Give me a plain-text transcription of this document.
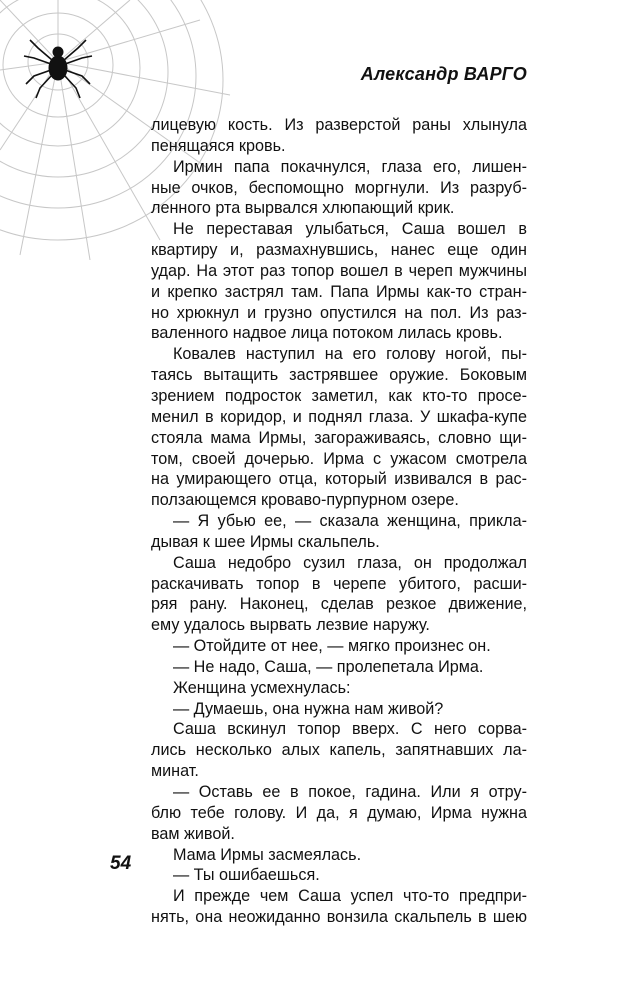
Александр ВАРГО
лицевую кость. Из разверстой раны хлынула
пенящаяся кровь.
Ирмин папа покачнулся, глаза его, лишен-
ные очков, беспомощно моргнули. Из разруб-
ленного рта вырвался хлюпающий крик.
Не переставая улыбаться, Саша вошел в
квартиру и, размахнувшись, нанес еще один
удар. На этот раз топор вошел в череп мужчины
и крепко застрял там. Папа Ирмы как-то стран-
но хрюкнул и грузно опустился на пол. Из раз-
валенного надвое лица потоком лилась кровь.
Ковалев наступил на его голову ногой, пы-
таясь вытащить застрявшее оружие. Боковым
зрением подросток заметил, как кто-то просе-
менил в коридор, и поднял глаза. У шкафа-купе
стояла мама Ирмы, загораживаясь, словно щи-
том, своей дочерью. Ирма с ужасом смотрела
на умирающего отца, который извивался в рас-
ползающемся кроваво-пурпурном озере.
— Я убью ее, — сказала женщина, прикла-
дывая к шее Ирмы скальпель.
Саша недобро сузил глаза, он продолжал
раскачивать топор в черепе убитого, расши-
ряя рану. Наконец, сделав резкое движение,
ему удалось вырвать лезвие наружу.
— Отойдите от нее, — мягко произнес он.
— Не надо, Саша, — пролепетала Ирма.
Женщина усмехнулась:
— Думаешь, она нужна нам живой?
Саша вскинул топор вверх. С него сорва-
лись несколько алых капель, запятнавших ла-
минат.
— Оставь ее в покое, гадина. Или я отру-
блю тебе голову. И да, я думаю, Ирма нужна
вам живой.
Мама Ирмы засмеялась.
— Ты ошибаешься.
И прежде чем Саша успел что-то предпри-
нять, она неожиданно вонзила скальпель в шею
54
